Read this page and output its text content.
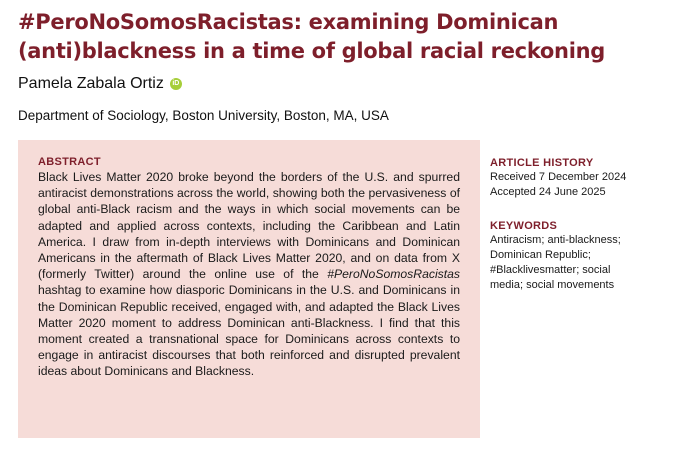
#PeroNoSomosRacistas: examining Dominican (anti)blackness in a time of global racial reckoning
Pamela Zabala Ortiz	iD
Department of Sociology, Boston University, Boston, MA, USA
ABSTRACT

Black Lives Matter 2020 broke beyond the borders of the U.S. and spurred antiracist demonstrations across the world, showing both the pervasiveness of global anti-Black racism and the ways in which social movements can be adapted and applied across contexts, including the Caribbean and Latin America. I draw from in-depth interviews with Dominicans and Dominican Americans in the aftermath of Black Lives Matter 2020, and on data from X (formerly Twitter) around the online use of the #PeroNoSomosRacistas hashtag to examine how diasporic Dominicans in the U.S. and Dominicans in the Dominican Republic received, engaged with, and adapted the Black Lives Matter 2020 moment to address Dominican anti-Blackness. I find that this moment created a transnational space for Dominicans across contexts to engage in antiracist discourses that both reinforced and disrupted prevalent ideas about Dominicans and Blackness.

ARTICLE HISTORY
Received 7 December 2024
Accepted 24 June 2025
KEYWORDS
Antiracism; anti-blackness; Dominican Republic; #Blacklivesmatter; social media; social movements
